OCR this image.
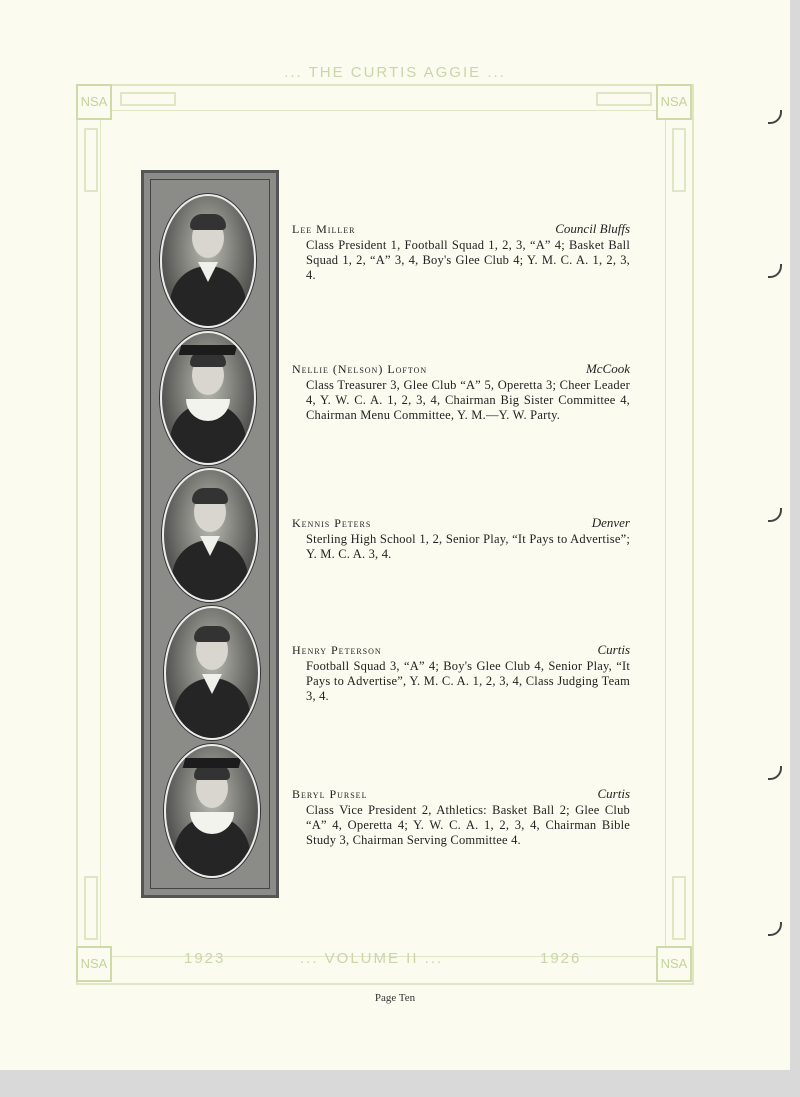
... THE CURTIS AGGIE ...
NSA	NSA
NSA	NSA
1923	... VOLUME II ...	1926
Lee Miller	Council Bluffs
Class President 1, Football Squad 1, 2, 3, “A” 4; Basket Ball Squad 1, 2, “A” 3, 4, Boy's Glee Club 4; Y. M. C. A. 1, 2, 3, 4.
Nellie (Nelson) Lofton	McCook
Class Treasurer 3, Glee Club “A” 5, Operetta 3; Cheer Leader 4, Y. W. C. A. 1, 2, 3, 4, Chairman Big Sister Committee 4, Chairman Menu Committee, Y. M.—Y. W. Party.
Kennis Peters	Denver
Sterling High School 1, 2, Senior Play, “It Pays to Advertise”; Y. M. C. A. 3, 4.
Henry Peterson	Curtis
Football Squad 3, “A” 4; Boy's Glee Club 4, Senior Play, “It Pays to Advertise”, Y. M. C. A. 1, 2, 3, 4, Class Judging Team 3, 4.
Beryl Pursel	Curtis
Class Vice President 2, Athletics: Basket Ball 2; Glee Club “A” 4, Operetta 4; Y. W. C. A. 1, 2, 3, 4, Chairman Bible Study 3, Chairman Serving Committee 4.
Page Ten
